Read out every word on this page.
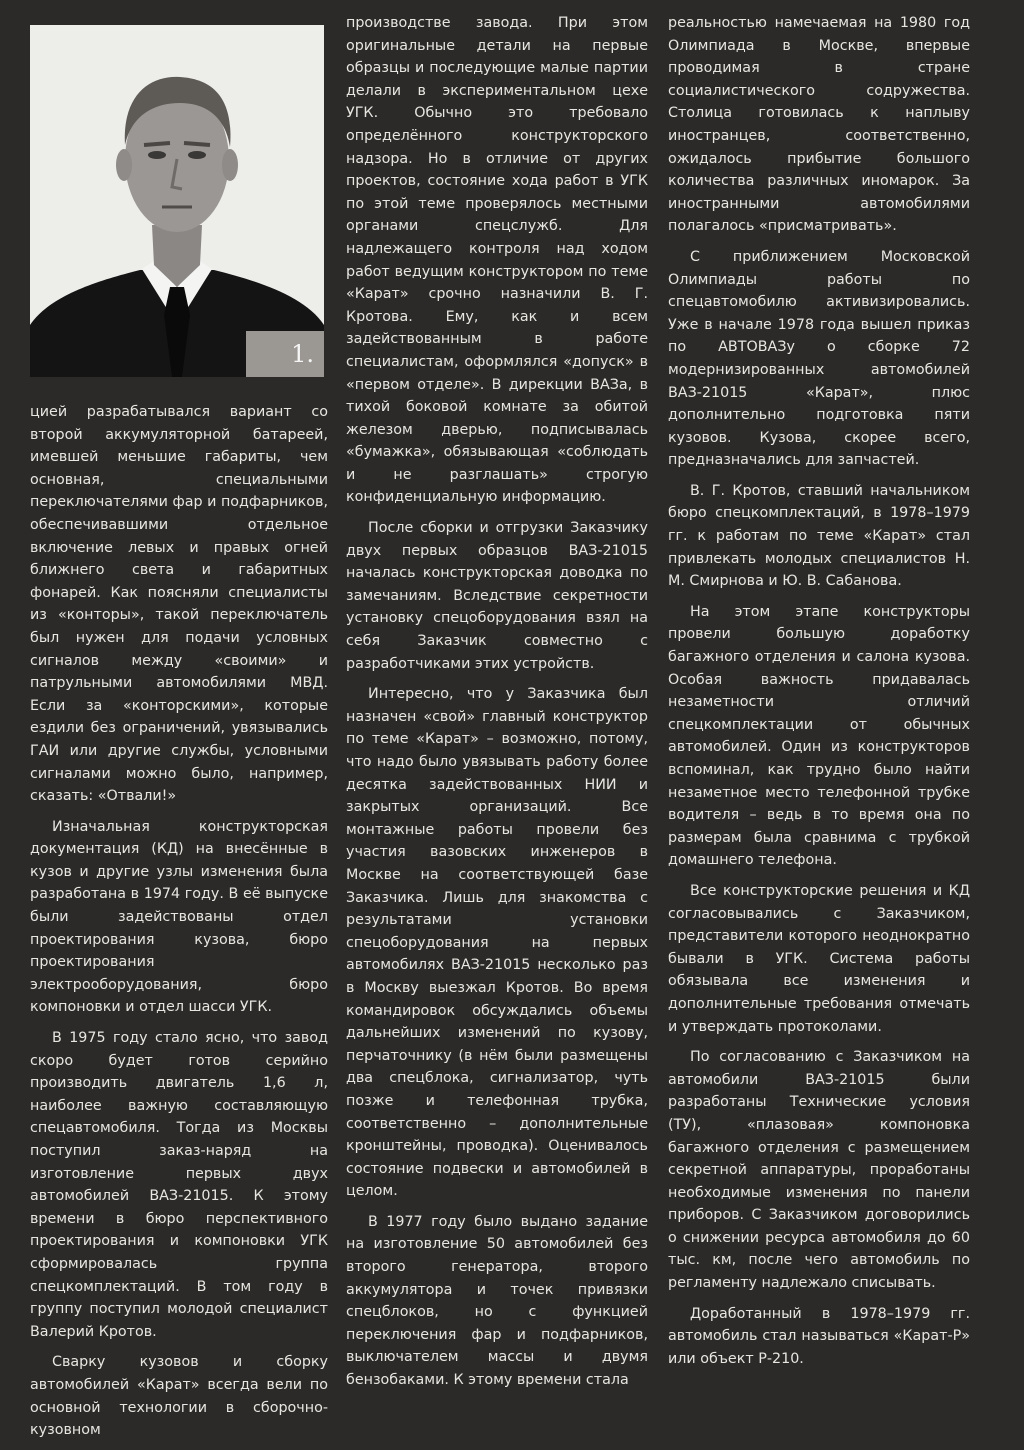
1.

цией разрабатывался вариант со второй аккумуляторной батареей, имевшей меньшие габариты, чем основная, специальными переключателями фар и подфарников, обеспечивавшими отдельное включение левых и правых огней ближнего света и габаритных фонарей. Как поясняли специалисты из «конторы», такой переключатель был нужен для подачи условных сигналов между «своими» и патрульными автомобилями МВД. Если за «конторскими», которые ездили без ограничений, увязывались ГАИ или другие службы, условными сигналами можно было, например, сказать: «Отвали!»

Изначальная конструкторская документация (КД) на внесённые в кузов и другие узлы изменения была разработана в 1974 году. В её выпуске были задействованы отдел проектирования кузова, бюро проектирования электрооборудования, бюро компоновки и отдел шасси УГК.

В 1975 году стало ясно, что завод скоро будет готов серийно производить двигатель 1,6 л, наиболее важную составляющую спецавтомобиля. Тогда из Москвы поступил заказ-наряд на изготовление первых двух автомобилей ВАЗ-21015. К этому времени в бюро перспективного проектирования и компоновки УГК сформировалась группа спецкомплектаций. В том году в группу поступил молодой специалист Валерий Кротов.

Сварку кузовов и сборку автомобилей «Карат» всегда вели по основной технологии в сборочно-кузовном

производстве завода. При этом оригинальные детали на первые образцы и последующие малые партии делали в экспериментальном цехе УГК. Обычно это требовало определённого конструкторского надзора. Но в отличие от других проектов, состояние хода работ в УГК по этой теме проверялось местными органами спецслужб. Для надлежащего контроля над ходом работ ведущим конструктором по теме «Карат» срочно назначили В. Г. Кротова. Ему, как и всем задействованным в работе специалистам, оформлялся «допуск» в «первом отделе». В дирекции ВАЗа, в тихой боковой комнате за обитой железом дверью, подписывалась «бумажка», обязывающая «соблюдать и не разглашать» строгую конфиденциальную информацию.

После сборки и отгрузки Заказчику двух первых образцов ВАЗ-21015 началась конструкторская доводка по замечаниям. Вследствие секретности установку спецоборудования взял на себя Заказчик совместно с разработчиками этих устройств.

Интересно, что у Заказчика был назначен «свой» главный конструктор по теме «Карат» – возможно, потому, что надо было увязывать работу более десятка задействованных НИИ и закрытых организаций. Все монтажные работы провели без участия вазовских инженеров в Москве на соответствующей базе Заказчика. Лишь для знакомства с результатами установки спецоборудования на первых автомобилях ВАЗ-21015 несколько раз в Москву выезжал Кротов. Во время командировок обсуждались объемы дальнейших изменений по кузову, перчаточнику (в нём были размещены два спецблока, сигнализатор, чуть позже и телефонная трубка, соответственно – дополнительные кронштейны, проводка). Оценивалось состояние подвески и автомобилей в целом.

В 1977 году было выдано задание на изготовление 50 автомобилей без второго генератора, второго аккумулятора и точек привязки спецблоков, но с функцией переключения фар и подфарников, выключателем массы и двумя бензобаками. К этому времени стала

реальностью намечаемая на 1980 год Олимпиада в Москве, впервые проводимая в стране социалистического содружества. Столица готовилась к наплыву иностранцев, соответственно, ожидалось прибытие большого количества различных иномарок. За иностранными автомобилями полагалось «присматривать».

С приближением Московской Олимпиады работы по спецавтомобилю активизировались. Уже в начале 1978 года вышел приказ по АВТОВАЗу о сборке 72 модернизированных автомобилей ВАЗ-21015 «Карат», плюс дополнительно подготовка пяти кузовов. Кузова, скорее всего, предназначались для запчастей.

В. Г. Кротов, ставший начальником бюро спецкомплектаций, в 1978–1979 гг. к работам по теме «Карат» стал привлекать молодых специалистов Н. М. Смирнова и Ю. В. Сабанова.

На этом этапе конструкторы провели большую доработку багажного отделения и салона кузова. Особая важность придавалась незаметности отличий спецкомплектации от обычных автомобилей. Один из конструкторов вспоминал, как трудно было найти незаметное место телефонной трубке водителя – ведь в то время она по размерам была сравнима с трубкой домашнего телефона.

Все конструкторские решения и КД согласовывались с Заказчиком, представители которого неоднократно бывали в УГК. Система работы обязывала все изменения и дополнительные требования отмечать и утверждать протоколами.

По согласованию с Заказчиком на автомобили ВАЗ-21015 были разработаны Технические условия (ТУ), «плазовая» компоновка багажного отделения с размещением секретной аппаратуры, проработаны необходимые изменения по панели приборов. С Заказчиком договорились о снижении ресурса автомобиля до 60 тыс. км, после чего автомобиль по регламенту надлежало списывать.

Доработанный в 1978–1979 гг. автомобиль стал называться «Карат-Р» или объект Р-210.
